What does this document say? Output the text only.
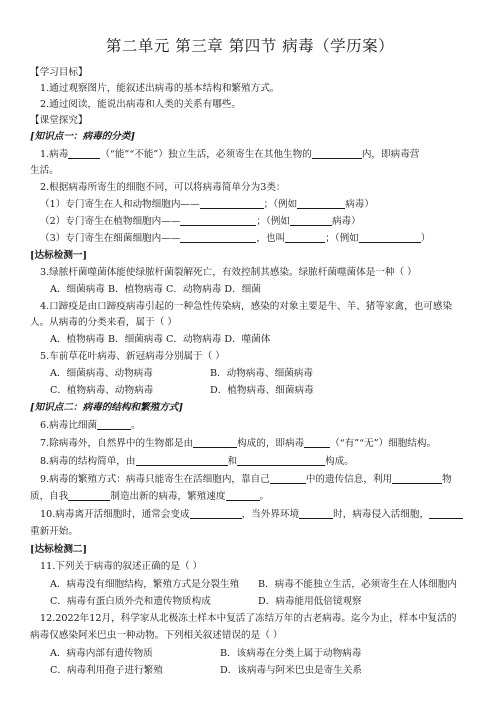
第二单元 第三章 第四节 病毒（学历案）
【学习目标】
1.通过观察图片，能叙述出病毒的基本结构和繁殖方式。
2.通过阅读，能说出病毒和人类的关系有哪些。
【课堂探究】
[知识点一：病毒的分类]
1.病毒	（“能”“不能”）独立生活，必须寄生在其他生物的	内，即病毒营
生活。
2.根据病毒所寄生的细胞不同，可以将病毒简单分为3类：
（1）专门寄生在人和动物细胞内——	；（例如	病毒）
（2）专门寄生在植物细胞内——	；（例如	病毒）
（3）专门寄生在细菌细胞内——	，也叫	；（例如	）
[达标检测一]
3.绿脓杆菌噬菌体能使绿脓杆菌裂解死亡，有效控制其感染。绿脓杆菌噬菌体是一种（ ）
A．细菌病毒 B．植物病毒 C．动物病毒 D．细菌
4.口蹄疫是由口蹄疫病毒引起的一种急性传染病，感染的对象主要是牛、羊、猪等家禽，也可感染
人。从病毒的分类来看，属于（ ）
A．植物病毒 B．细菌病毒 C．动物病毒 D．噬菌体
5.车前草花叶病毒、新冠病毒分别属于（ ）
A．细菌病毒、动物病毒	B．动物病毒、细菌病毒
C．植物病毒、动物病毒	D．植物病毒、细菌病毒
[知识点二：病毒的结构和繁殖方式]
6.病毒比细菌	。
7.除病毒外，自然界中的生物都是由	构成的，即病毒	（“有”“无”）细胞结构。
8.病毒的结构简单，由	和	构成。
9.病毒的繁殖方式：病毒只能寄生在活细胞内，靠自己	中的遗传信息，利用	物
质，自我	制造出新的病毒，繁殖速度	。
10.病毒离开活细胞时，通常会变成	，当外界环境	时，病毒侵入活细胞，
重新开始。
[达标检测二]
11.下列关于病毒的叙述正确的是（ ）
A．病毒没有细胞结构，繁殖方式是分裂生殖	B．病毒不能独立生活，必须寄生在人体细胞内
C．病毒有蛋白质外壳和遗传物质构成	D．病毒能用低倍镜观察
12.2022年12月，科学家从北极冻土样本中复活了冻结万年的古老病毒。迄今为止，样本中复活的
病毒仅感染阿米巴虫一种动物。下列相关叙述错误的是（ ）
A．病毒内部有遗传物质	B．该病毒在分类上属于动物病毒
C．病毒利用孢子进行繁殖	D．该病毒与阿米巴虫是寄生关系
